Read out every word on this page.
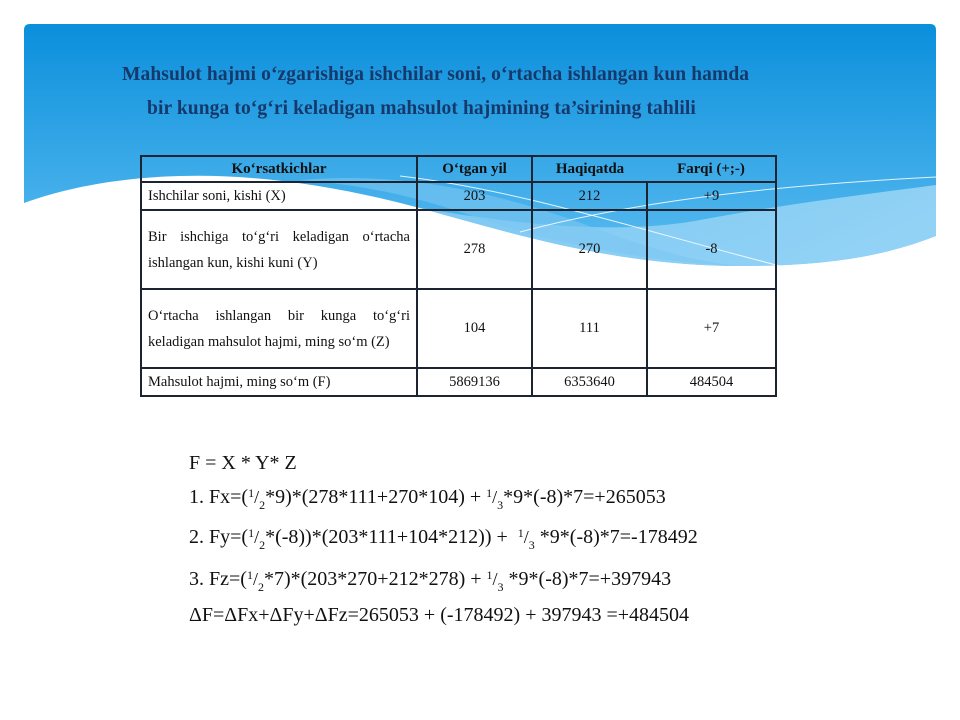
Mahsulot hajmi o‘zgarishiga ishchilar soni, o‘rtacha ishlangan kun hamda
bir kunga to‘g‘ri keladigan mahsulot hajmining ta’sirining tahlili
Ko‘rsatkichlar	O‘tgan yil	Haqiqatda	Farqi (+;-)
Ishchilar soni, kishi (X)	203	212	+9
Bir ishchiga to‘g‘ri keladigan o‘rtacha ishlangan kun, kishi kuni (Y)	278	270	-8
O‘rtacha ishlangan bir kunga to‘g‘ri keladigan mahsulot hajmi, ming so‘m (Z)	104	111	+7
Mahsulot hajmi, ming so‘m (F)	5869136	6353640	484504
F = X * Y* Z
1. Fx=(1/2*9)*(278*111+270*104) + 1/3*9*(-8)*7=+265053
2. Fy=(1/2*(-8))*(203*111+104*212)) +  1/3 *9*(-8)*7=-178492
3. Fz=(1/2*7)*(203*270+212*278) + 1/3 *9*(-8)*7=+397943
ΔF=ΔFx+ΔFy+ΔFz=265053 + (-178492) + 397943 =+484504
